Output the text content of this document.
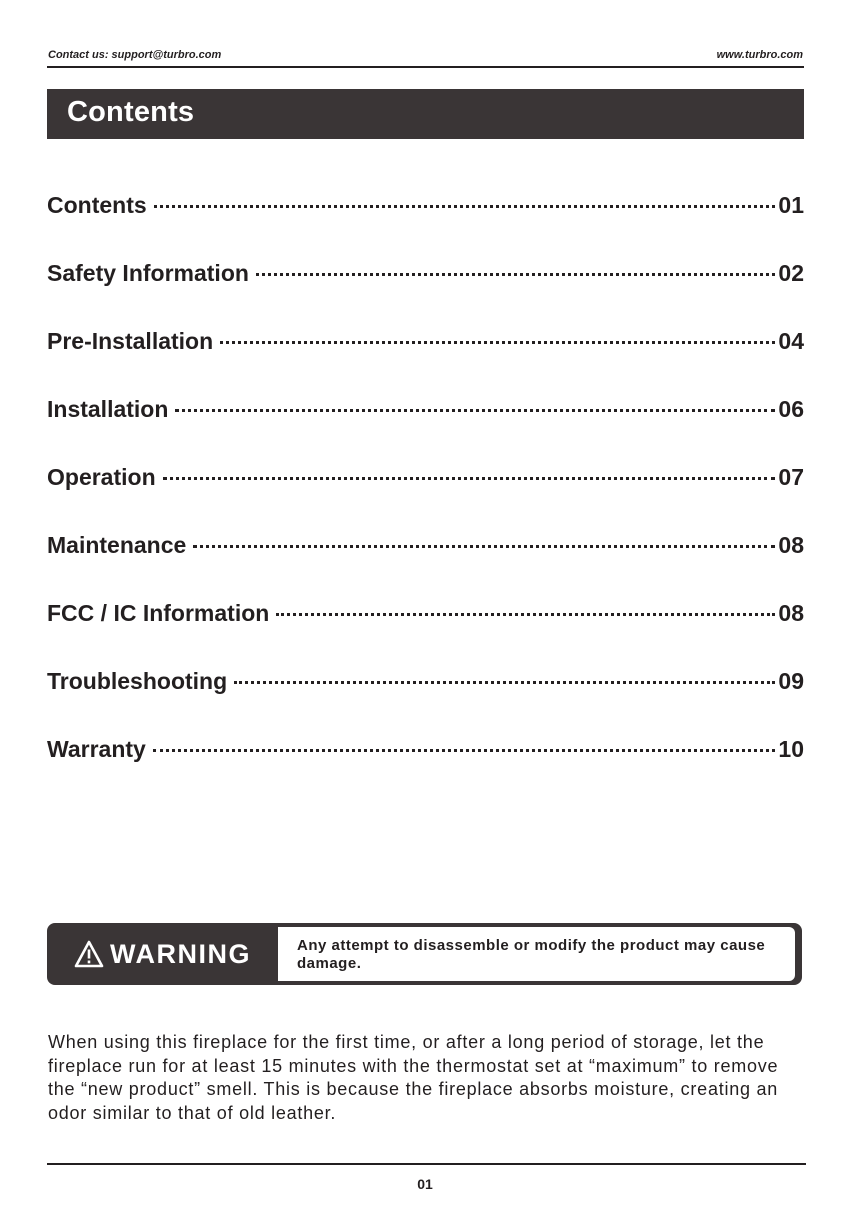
Contact us: support@turbro.com	www.turbro.com
Contents
Contents	01
Safety Information	02
Pre-Installation	04
Installation	06
Operation	07
Maintenance	08
FCC / IC Information	08
Troubleshooting	09
Warranty	10
WARNING	Any attempt to disassemble or modify the product may cause damage.
When using this fireplace for the first time, or after a long period of storage, let the fireplace run for at least 15 minutes with the thermostat set at “maximum” to remove the “new product” smell. This is because the fireplace absorbs moisture, creating an odor similar to that of old leather.
01
